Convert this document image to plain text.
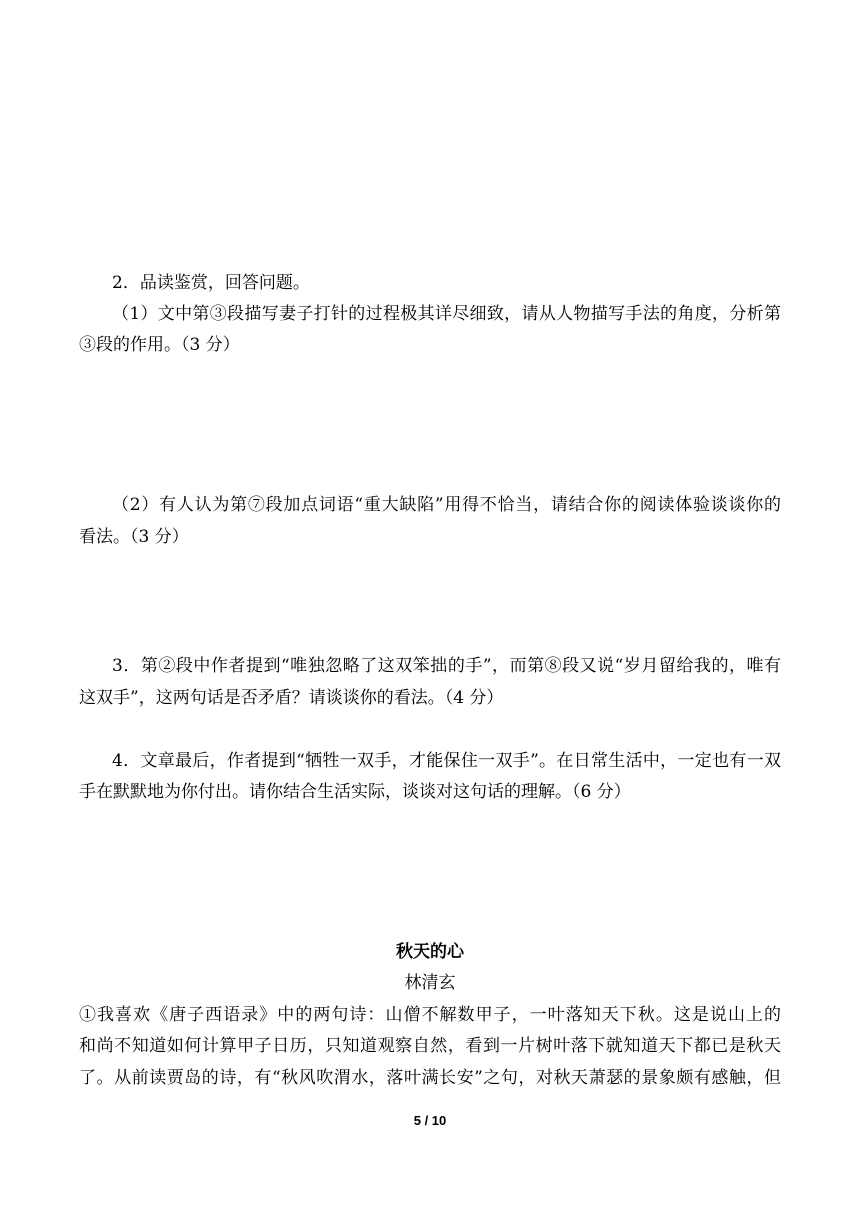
2．品读鉴赏，回答问题。
（1）文中第③段描写妻子打针的过程极其详尽细致，请从人物描写手法的角度，分析第
③段的作用。（3 分）
（2）有人认为第⑦段加点词语“重大缺陷”用得不恰当，请结合你的阅读体验谈谈你的
看法。（3 分）
3．第②段中作者提到“唯独忽略了这双笨拙的手”，而第⑧段又说“岁月留给我的，唯有
这双手”，这两句话是否矛盾？请谈谈你的看法。（4 分）
4．文章最后，作者提到“牺牲一双手，才能保住一双手”。在日常生活中，一定也有一双
手在默默地为你付出。请你结合生活实际，谈谈对这句话的理解。（6 分）
秋天的心
林清玄
①我喜欢《唐子西语录》中的两句诗：山僧不解数甲子，一叶落知天下秋。这是说山上的
和尚不知道如何计算甲子日历，只知道观察自然，看到一片树叶落下就知道天下都已是秋天
了。从前读贾岛的诗，有“秋风吹渭水，落叶满长安”之句，对秋天萧瑟的景象颇有感触，但
5 / 10
